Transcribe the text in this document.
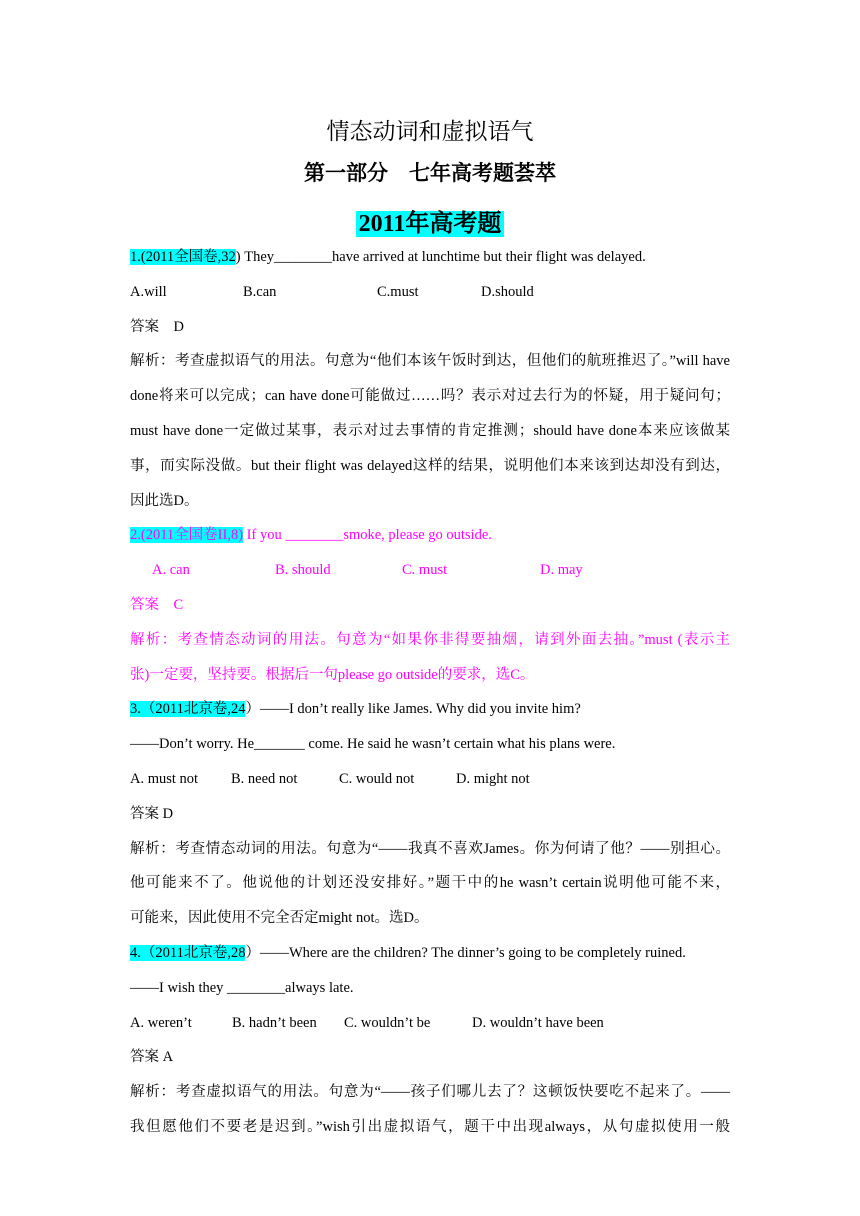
情态动词和虚拟语气
第一部分　七年高考题荟萃
2011年高考题
1.(2011全国卷,32) They________have arrived at lunchtime but their flight was delayed.
A.will	B.can	C.must	D.should
答案　D
解析：考查虚拟语气的用法。句意为“他们本该午饭时到达，但他们的航班推迟了。”will have
done将来可以完成；can have done可能做过……吗？表示对过去行为的怀疑，用于疑问句；
must have done一定做过某事，表示对过去事情的肯定推测；should have done本来应该做某
事，而实际没做。but their flight was delayed这样的结果，说明他们本来该到达却没有到达，
因此选D。
2.(2011全国卷II,8) If you ________smoke, please go outside.
A. can	B. should	C. must	D. may
答案　C
解析：考查情态动词的用法。句意为“如果你非得要抽烟，请到外面去抽。”must (表示主
张)一定要，坚持要。根据后一句please go outside的要求，选C。
3.（2011北京卷,24）——I don’t really like James. Why did you invite him?
——Don’t worry. He_______ come. He said he wasn’t certain what his plans were.
A. must not B. need not	C. would not	D. might not
答案 D
解析：考查情态动词的用法。句意为“——我真不喜欢James。你为何请了他？——别担心。
他可能来不了。他说他的计划还没安排好。”题干中的he wasn’t certain说明他可能不来，
可能来，因此使用不完全否定might not。选D。
4.（2011北京卷,28）——Where are the children? The dinner’s going to be completely ruined.
——I wish they ________always late.
A. weren’t	B. hadn’t been C. wouldn’t be	D. wouldn’t have been
答案 A
解析：考查虚拟语气的用法。句意为“——孩子们哪儿去了？这顿饭快要吃不起来了。——
我但愿他们不要老是迟到。”wish引出虚拟语气，题干中出现always，从句虚拟使用一般
